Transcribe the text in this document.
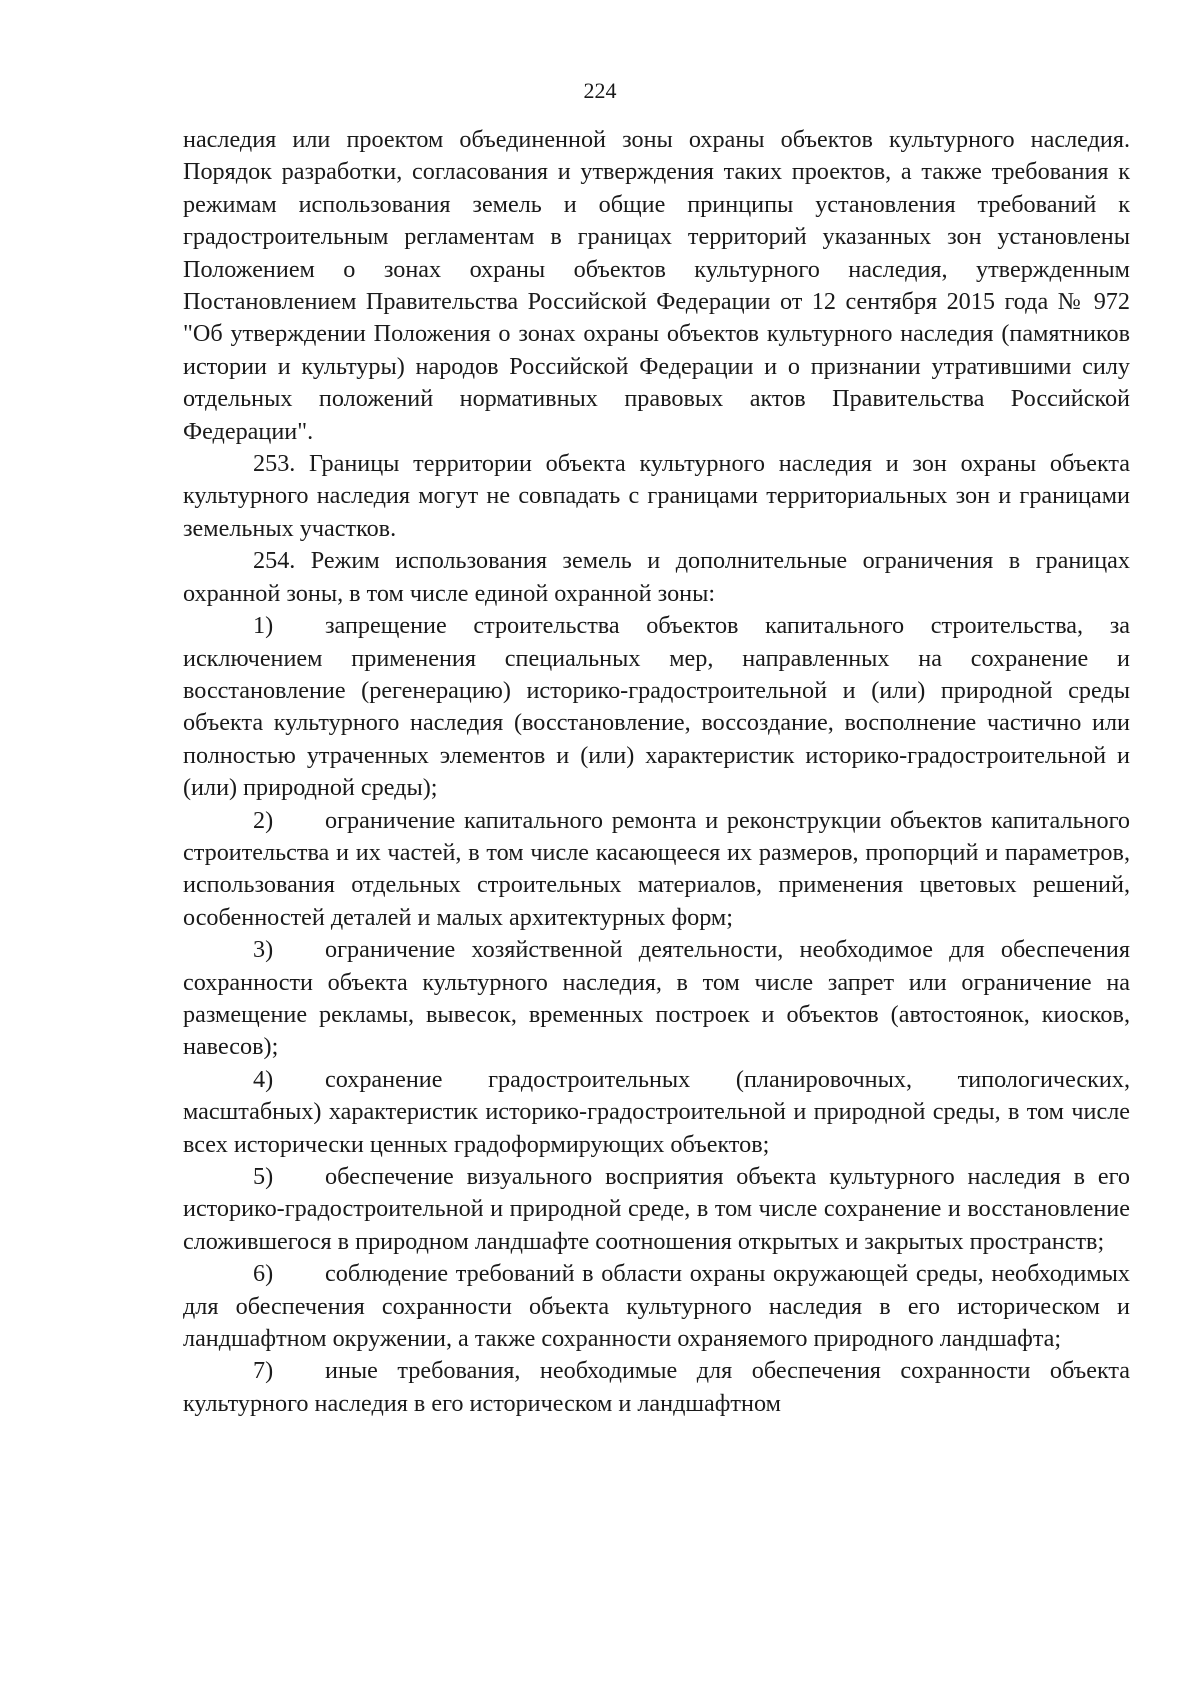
224

наследия или проектом объединенной зоны охраны объектов культурного наследия. Порядок разработки, согласования и утверждения таких проектов, а также требования к режимам использования земель и общие принципы установления требований к градостроительным регламентам в границах территорий указанных зон установлены Положением о зонах охраны объектов культурного наследия, утвержденным Постановлением Правительства Российской Федерации от 12 сентября 2015 года № 972 "Об утверждении Положения о зонах охраны объектов культурного наследия (памятников истории и культуры) народов Российской Федерации и о признании утратившими силу отдельных положений нормативных правовых актов Правительства Российской Федерации".

253. Границы территории объекта культурного наследия и зон охраны объекта культурного наследия могут не совпадать с границами территориальных зон и границами земельных участков.

254. Режим использования земель и дополнительные ограничения в границах охранной зоны, в том числе единой охранной зоны:

1) запрещение строительства объектов капитального строительства, за исключением применения специальных мер, направленных на сохранение и восстановление (регенерацию) историко-градостроительной и (или) природной среды объекта культурного наследия (восстановление, воссоздание, восполнение частично или полностью утраченных элементов и (или) характеристик историко-градостроительной и (или) природной среды);

2) ограничение капитального ремонта и реконструкции объектов капитального строительства и их частей, в том числе касающееся их размеров, пропорций и параметров, использования отдельных строительных материалов, применения цветовых решений, особенностей деталей и малых архитектурных форм;

3) ограничение хозяйственной деятельности, необходимое для обеспечения сохранности объекта культурного наследия, в том числе запрет или ограничение на размещение рекламы, вывесок, временных построек и объектов (автостоянок, киосков, навесов);

4) сохранение градостроительных (планировочных, типологических, масштабных) характеристик историко-градостроительной и природной среды, в том числе всех исторически ценных градоформирующих объектов;

5) обеспечение визуального восприятия объекта культурного наследия в его историко-градостроительной и природной среде, в том числе сохранение и восстановление сложившегося в природном ландшафте соотношения открытых и закрытых пространств;

6) соблюдение требований в области охраны окружающей среды, необходимых для обеспечения сохранности объекта культурного наследия в его историческом и ландшафтном окружении, а также сохранности охраняемого природного ландшафта;

7) иные требования, необходимые для обеспечения сохранности объекта культурного наследия в его историческом и ландшафтном
